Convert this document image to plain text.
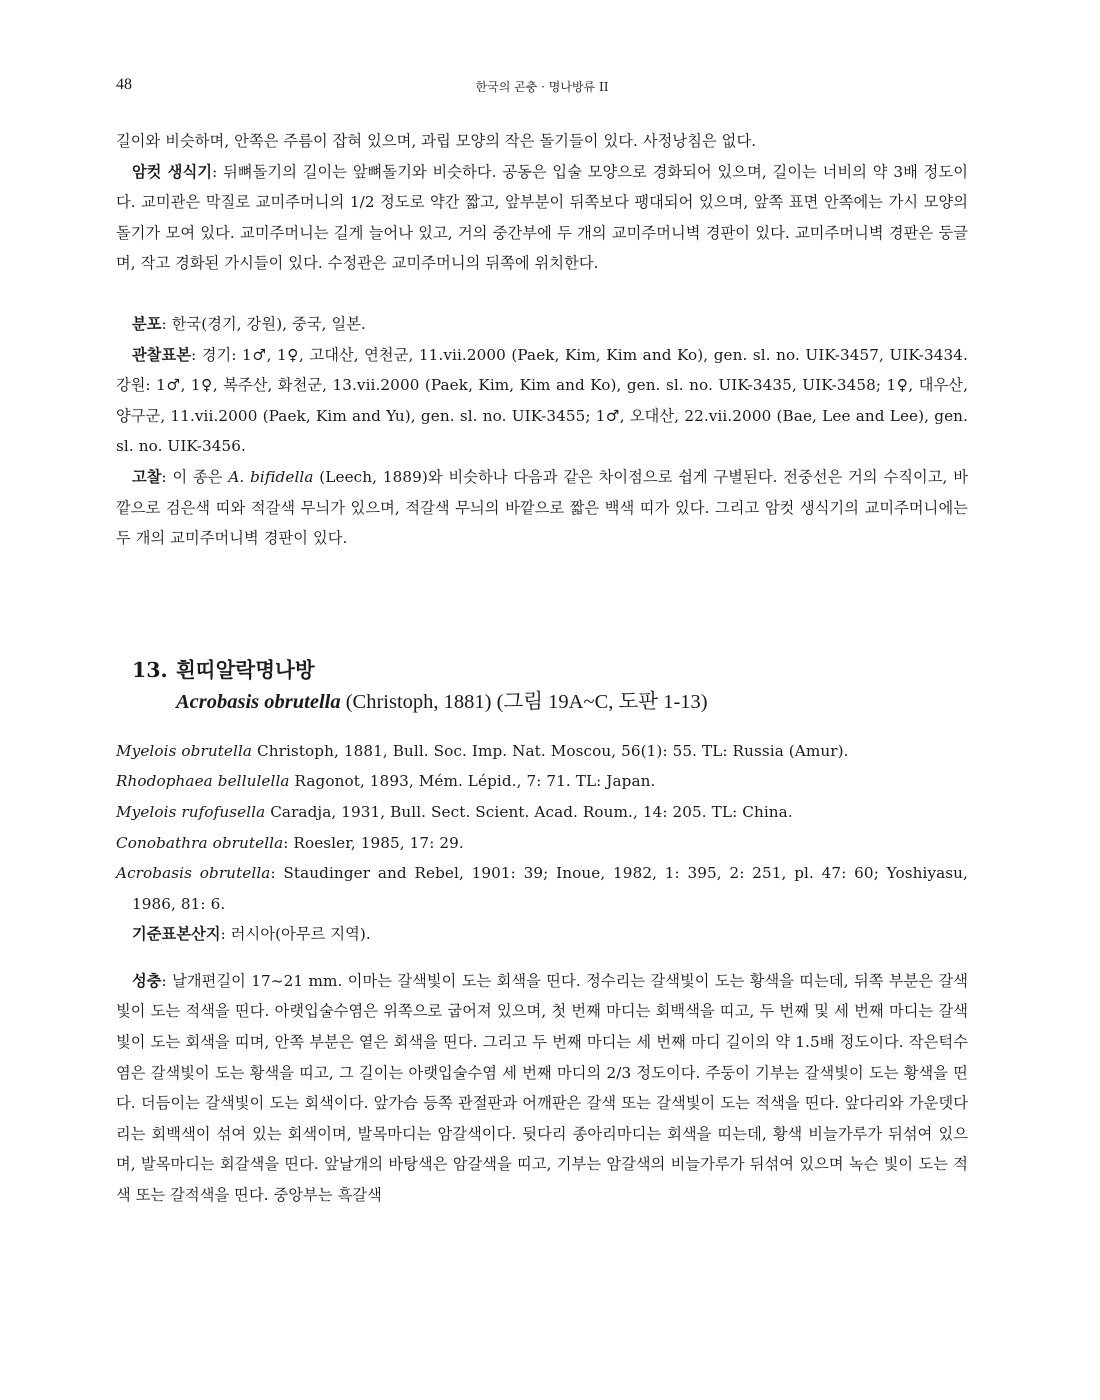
48	한국의 곤충 · 명나방류 II

길이와 비슷하며, 안쪽은 주름이 잡혀 있으며, 과립 모양의 작은 돌기들이 있다. 사정낭침은 없다.

암컷 생식기: 뒤뼈돌기의 길이는 앞뼈돌기와 비슷하다. 공동은 입술 모양으로 경화되어 있으며, 길이는 너비의 약 3배 정도이다. 교미관은 막질로 교미주머니의 1/2 정도로 약간 짧고, 앞부분이 뒤쪽보다 팽대되어 있으며, 앞쪽 표면 안쪽에는 가시 모양의 돌기가 모여 있다. 교미주머니는 길게 늘어나 있고, 거의 중간부에 두 개의 교미주머니벽 경판이 있다. 교미주머니벽 경판은 둥글며, 작고 경화된 가시들이 있다. 수정관은 교미주머니의 뒤쪽에 위치한다.

분포: 한국(경기, 강원), 중국, 일본.

관찰표본: 경기: 1♂, 1♀, 고대산, 연천군, 11.vii.2000 (Paek, Kim, Kim and Ko), gen. sl. no. UIK-3457, UIK-3434. 강원: 1♂, 1♀, 복주산, 화천군, 13.vii.2000 (Paek, Kim, Kim and Ko), gen. sl. no. UIK-3435, UIK-3458; 1♀, 대우산, 양구군, 11.vii.2000 (Paek, Kim and Yu), gen. sl. no. UIK-3455; 1♂, 오대산, 22.vii.2000 (Bae, Lee and Lee), gen. sl. no. UIK-3456.

고찰: 이 종은 A. bifidella (Leech, 1889)와 비슷하나 다음과 같은 차이점으로 쉽게 구별된다. 전중선은 거의 수직이고, 바깥으로 검은색 띠와 적갈색 무늬가 있으며, 적갈색 무늬의 바깥으로 짧은 백색 띠가 있다. 그리고 암컷 생식기의 교미주머니에는 두 개의 교미주머니벽 경판이 있다.

13. 흰띠알락명나방
Acrobasis obrutella (Christoph, 1881) (그림 19A~C, 도판 1-13)

Myelois obrutella Christoph, 1881, Bull. Soc. Imp. Nat. Moscou, 56(1): 55. TL: Russia (Amur).

Rhodophaea bellulella Ragonot, 1893, Mém. Lépid., 7: 71. TL: Japan.

Myelois rufofusella Caradja, 1931, Bull. Sect. Scient. Acad. Roum., 14: 205. TL: China.

Conobathra obrutella: Roesler, 1985, 17: 29.

Acrobasis obrutella: Staudinger and Rebel, 1901: 39; Inoue, 1982, 1: 395, 2: 251, pl. 47: 60; Yoshiyasu, 1986, 81: 6.

기준표본산지: 러시아(아무르 지역).

성충: 날개편길이 17~21 mm. 이마는 갈색빛이 도는 회색을 띤다. 정수리는 갈색빛이 도는 황색을 띠는데, 뒤쪽 부분은 갈색빛이 도는 적색을 띤다. 아랫입술수염은 위쪽으로 굽어져 있으며, 첫 번째 마디는 회백색을 띠고, 두 번째 및 세 번째 마디는 갈색빛이 도는 회색을 띠며, 안쪽 부분은 옅은 회색을 띤다. 그리고 두 번째 마디는 세 번째 마디 길이의 약 1.5배 정도이다. 작은턱수염은 갈색빛이 도는 황색을 띠고, 그 길이는 아랫입술수염 세 번째 마디의 2/3 정도이다. 주둥이 기부는 갈색빛이 도는 황색을 띤다. 더듬이는 갈색빛이 도는 회색이다. 앞가슴 등쪽 관절판과 어깨판은 갈색 또는 갈색빛이 도는 적색을 띤다. 앞다리와 가운뎃다리는 회백색이 섞여 있는 회색이며, 발목마디는 암갈색이다. 뒷다리 종아리마디는 회색을 띠는데, 황색 비늘가루가 뒤섞여 있으며, 발목마디는 회갈색을 띤다. 앞날개의 바탕색은 암갈색을 띠고, 기부는 암갈색의 비늘가루가 뒤섞여 있으며 녹슨 빛이 도는 적색 또는 갈적색을 띤다. 중앙부는 흑갈색
